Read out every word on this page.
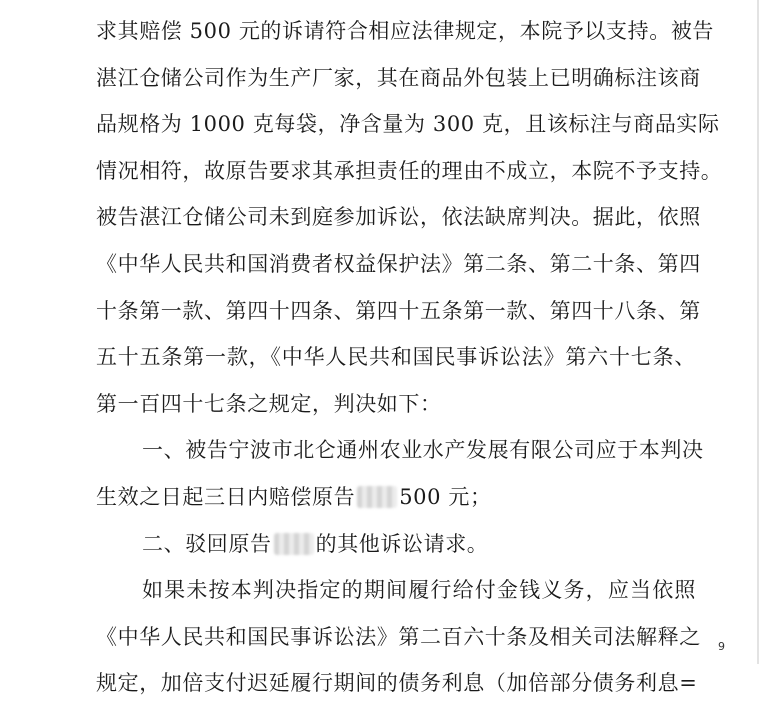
求其赔偿 500 元的诉请符合相应法律规定，本院予以支持。被告
湛江仓储公司作为生产厂家，其在商品外包装上已明确标注该商
品规格为 1000 克每袋，净含量为 300 克，且该标注与商品实际
情况相符，故原告要求其承担责任的理由不成立，本院不予支持。
被告湛江仓储公司未到庭参加诉讼，依法缺席判决。据此，依照
《中华人民共和国消费者权益保护法》第二条、第二十条、第四
十条第一款、第四十四条、第四十五条第一款、第四十八条、第
五十五条第一款，《中华人民共和国民事诉讼法》第六十七条、
第一百四十七条之规定，判决如下：
一、被告宁波市北仑通州农业水产发展有限公司应于本判决
生效之日起三日内赔偿原告 500 元；
二、驳回原告 的其他诉讼请求。
如果未按本判决指定的期间履行给付金钱义务，应当依照
《中华人民共和国民事诉讼法》第二百六十条及相关司法解释之
规定，加倍支付迟延履行期间的债务利息（加倍部分债务利息=
9
